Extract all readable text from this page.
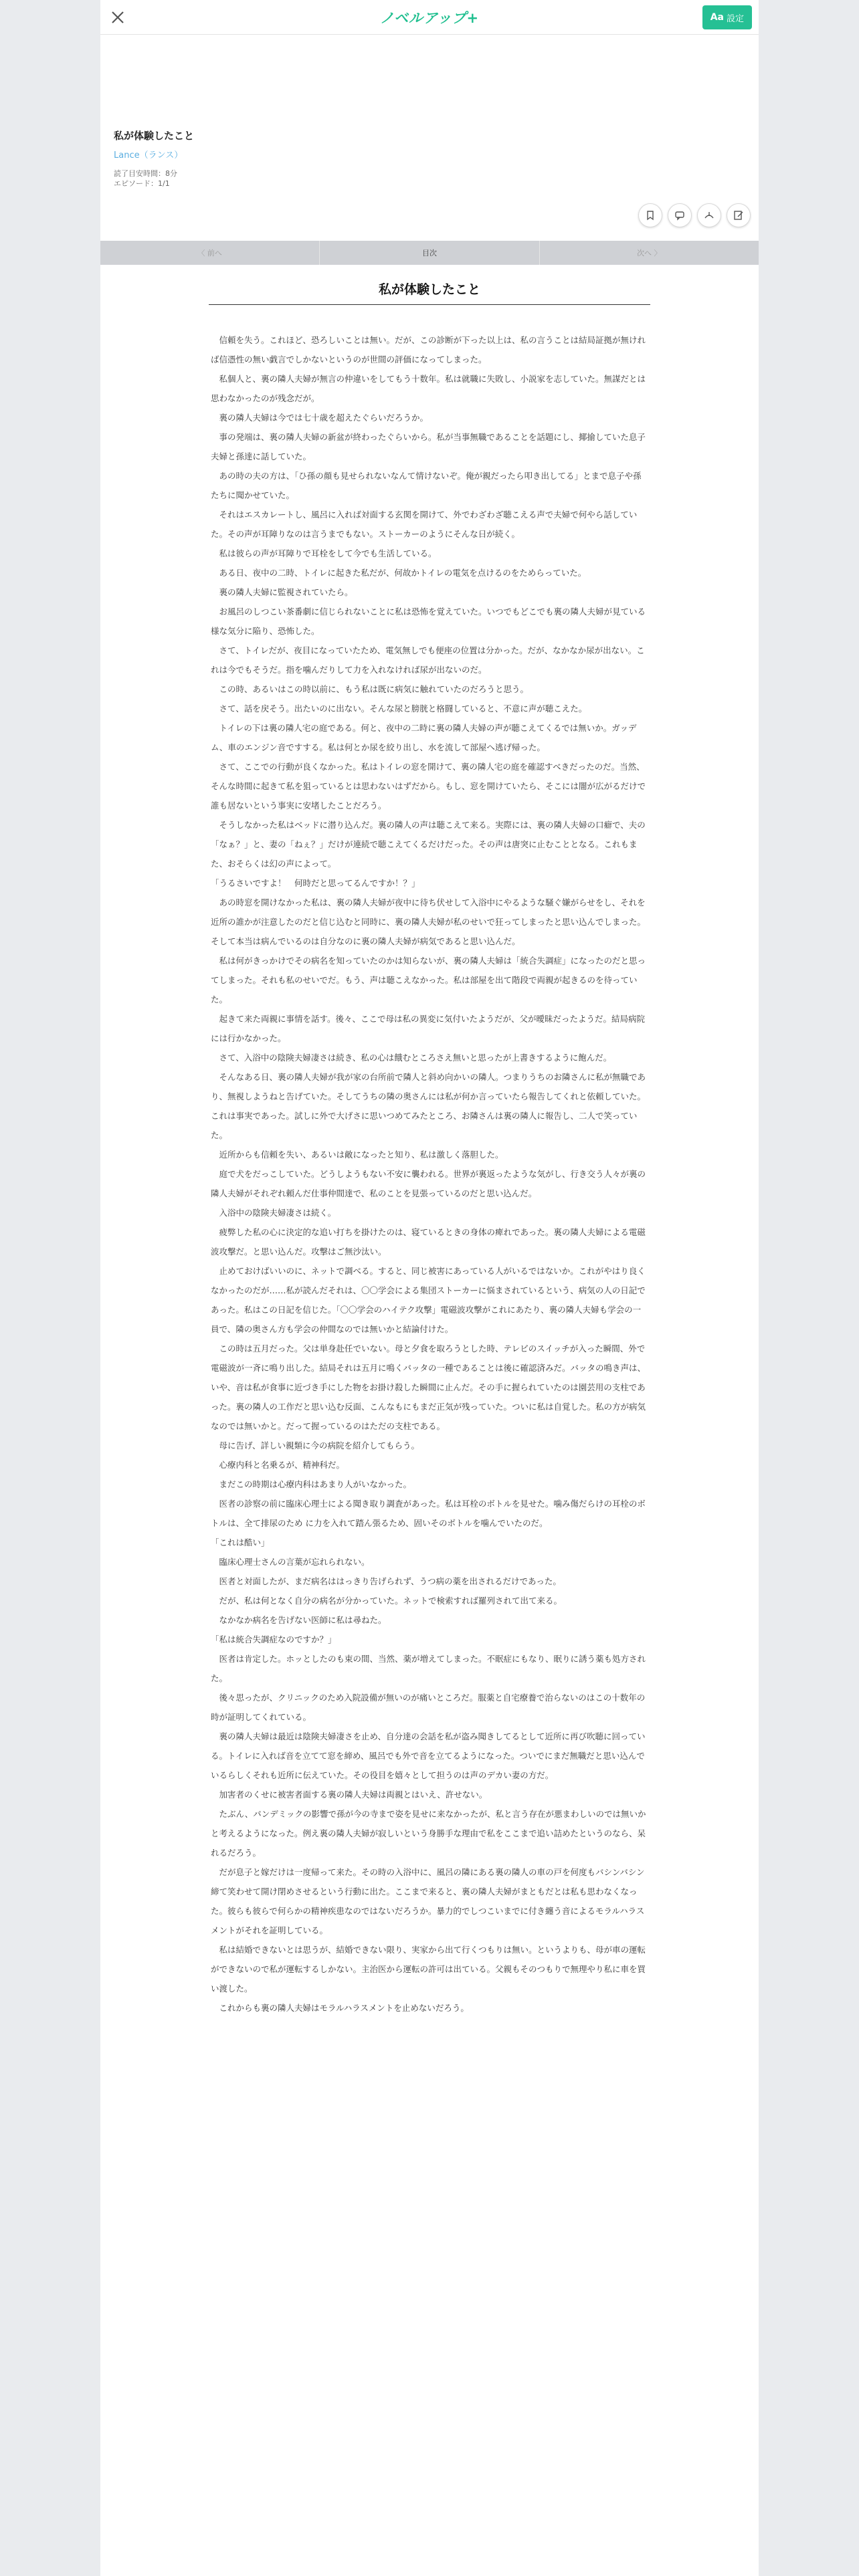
ノベルアップ+	Aa 設定
私が体験したこと
Lance（ランス）
読了目安時間：8分
エピソード：1/1
〈 前へ	目次	次へ 〉
私が体験したこと

信頼を失う。これほど、恐ろしいことは無い。だが、この診断が下った以上は、私の言うことは結局証拠が無ければ信憑性の無い戯言でしかないというのが世間の評価になってしまった。

私個人と、裏の隣人夫婦が無言の仲違いをしてもう十数年。私は就職に失敗し、小説家を志していた。無謀だとは思わなかったのが残念だが。

裏の隣人夫婦は今では七十歳を超えたぐらいだろうか。

事の発端は、裏の隣人夫婦の新盆が終わったぐらいから。私が当事無職であることを話題にし、揶揄していた息子夫婦と孫達に話していた。

あの時の夫の方は、「ひ孫の顔も見せられないなんて情けないぞ。俺が親だったら叩き出してる」とまで息子や孫たちに聞かせていた。

それはエスカレートし、風呂に入れば対面する玄関を開けて、外でわざわざ聴こえる声で夫婦で何やら話していた。その声が耳障りなのは言うまでもない。ストーカーのようにそんな日が続く。

私は彼らの声が耳障りで耳栓をして今でも生活している。

ある日、夜中の二時、トイレに起きた私だが、何故かトイレの電気を点けるのをためらっていた。

裏の隣人夫婦に監視されていたら。

お風呂のしつこい茶番劇に信じられないことに私は恐怖を覚えていた。いつでもどこでも裏の隣人夫婦が見ている様な気分に陥り、恐怖した。

さて、トイレだが、夜目になっていたため、電気無しでも便座の位置は分かった。だが、なかなか尿が出ない。これは今でもそうだ。指を噛んだりして力を入れなければ尿が出ないのだ。

この時、あるいはこの時以前に、もう私は既に病気に触れていたのだろうと思う。

さて、話を戻そう。出たいのに出ない。そんな尿と膀胱と格闘していると、不意に声が聴こえた。

トイレの下は裏の隣人宅の庭である。何と、夜中の二時に裏の隣人夫婦の声が聴こえてくるでは無いか。ガッデム、車のエンジン音ですする。私は何とか尿を絞り出し、水を流して部屋へ逃げ帰った。

さて、ここでの行動が良くなかった。私はトイレの窓を開けて、裏の隣人宅の庭を確認すべきだったのだ。当然、そんな時間に起きて私を狙っているとは思わないはずだから。もし、窓を開けていたら、そこには闇が広がるだけで誰も居ないという事実に安堵したことだろう。

そうしなかった私はベッドに潜り込んだ。裏の隣人の声は聴こえて来る。実際には、裏の隣人夫婦の口癖で、夫の「なぁ？」と、妻の「ねぇ？」だけが連続で聴こえてくるだけだった。その声は唐突に止むこととなる。これもまた、おそらくは幻の声によって。

「うるさいですよ！　何時だと思ってるんですか！？」

あの時窓を開けなかった私は、裏の隣人夫婦が夜中に待ち伏せして入浴中にやるような騒ぐ嫌がらせをし、それを近所の誰かが注意したのだと信じ込むと同時に、裏の隣人夫婦が私のせいで狂ってしまったと思い込んでしまった。そして本当は病んでいるのは自分なのに裏の隣人夫婦が病気であると思い込んだ。

私は何がきっかけでその病名を知っていたのかは知らないが、裏の隣人夫婦は「統合失調症」になったのだと思ってしまった。それも私のせいでだ。もう、声は聴こえなかった。私は部屋を出て階段で両親が起きるのを待っていた。

起きて来た両親に事情を話す。後々、ここで母は私の異変に気付いたようだが、父が曖昧だったようだ。結局病院には行かなかった。

さて、入浴中の陰険夫婦凄さは続き、私の心は餓むところさえ無いと思ったが上書きするように飽んだ。

そんなある日、裏の隣人夫婦が我が家の台所前で隣人と斜め向かいの隣人。つまりうちのお隣さんに私が無職であり、無視しようねと告げていた。そしてうちの隣の奥さんには私が何か言っていたら報告してくれと依頼していた。これは事実であった。試しに外で大げさに思いつめてみたところ、お隣さんは裏の隣人に報告し、二人で笑っていた。

近所からも信頼を失い、あるいは敵になったと知り、私は激しく落胆した。

庭で犬をだっこしていた。どうしようもない不安に襲われる。世界が裏返ったような気がし、行き交う人々が裏の隣人夫婦がそれぞれ頼んだ仕事仲間達で、私のことを見張っているのだと思い込んだ。

入浴中の陰険夫婦凄さは続く。

疲弊した私の心に決定的な追い打ちを掛けたのは、寝ているときの身体の痺れであった。裏の隣人夫婦による電磁波攻撃だ。と思い込んだ。攻撃はご無沙汰い。

止めておけばいいのに、ネットで調べる。すると、同じ被害にあっている人がいるではないか。これがやはり良くなかったのだが……私が読んだそれは、〇〇学会による集団ストーカーに悩まされているという、病気の人の日記であった。私はこの日記を信じた。「〇〇学会のハイテク攻撃」電磁波攻撃がこれにあたり、裏の隣人夫婦も学会の一員で、隣の奥さん方も学会の仲間なのでは無いかと結論付けた。

この時は五月だった。父は単身赴任でいない。母と夕食を取ろうとした時、テレビのスイッチが入った瞬間、外で電磁波が一斉に鳴り出した。結局それは五月に鳴くバッタの一種であることは後に確認済みだ。バッタの鳴き声は、いや、音は私が食事に近づき手にした物をお掛け殺した瞬間に止んだ。その手に握られていたのは園芸用の支柱であった。裏の隣人の工作だと思い込む反面、こんなもにもまだ正気が残っていた。ついに私は自覚した。私の方が病気なのでは無いかと。だって握っているのはただの支柱である。

母に告げ、詳しい親類に今の病院を紹介してもらう。

心療内科と名乗るが、精神科だ。

まだこの時期は心療内科はあまり人がいなかった。

医者の診察の前に臨床心理士による聞き取り調査があった。私は耳栓のボトルを見せた。噛み傷だらけの耳栓のボトルは、全て排尿のため に力を入れて踏ん張るため、固いそのボトルを噛んでいたのだ。

「これは酷い」

臨床心理士さんの言葉が忘れられない。

医者と対面したが、まだ病名ははっきり告げられず、うつ病の薬を出されるだけであった。

だが、私は何となく自分の病名が分かっていた。ネットで検索すれば羅列されて出て来る。

なかなか病名を告げない医師に私は尋ねた。

「私は統合失調症なのですか？」

医者は肯定した。ホッとしたのも束の間、当然、薬が増えてしまった。不眠症にもなり、眠りに誘う薬も処方された。

後々思ったが、クリニックのため入院設備が無いのが痛いところだ。服薬と自宅療養で治らないのはこの十数年の時が証明してくれている。

裏の隣人夫婦は最近は陰険夫婦凄さを止め、自分達の会話を私が盗み聞きしてるとして近所に再び吹聴に回っている。トイレに入れば音を立てて窓を締め、風呂でも外で音を立てるようになった。ついでにまだ無職だと思い込んでいるらしくそれも近所に伝えていた。その役目を嬉々として担うのは声のデカい妻の方だ。

加害者のくせに被害者面する裏の隣人夫婦は両親とはいえ、許せない。

たぶん、パンデミックの影響で孫が今の寺まで姿を見せに来なかったが、私と言う存在が悪まわしいのでは無いかと考えるようになった。例え裏の隣人夫婦が寂しいという身勝手な理由で私をここまで追い詰めたというのなら、呆れるだろう。

だが息子と嫁だけは一度帰って来た。その時の入浴中に、風呂の隣にある裏の隣人の車の戸を何度もバシンバシン締て笑わせて開け閉めさせるという行動に出た。ここまで来ると、裏の隣人夫婦がまともだとは私も思わなくなった。彼らも彼らで何らかの精神疾患なのではないだろうか。暴力的でしつこいまでに付き纏う音によるモラルハラスメントがそれを証明している。

私は結婚できないとは思うが、結婚できない限り、実家から出て行くつもりは無い。というよりも、母が車の運転ができないので私が運転するしかない。主治医から運転の許可は出ている。父親もそのつもりで無理やり私に車を買い渡した。

これからも裏の隣人夫婦はモラルハラスメントを止めないだろう。
